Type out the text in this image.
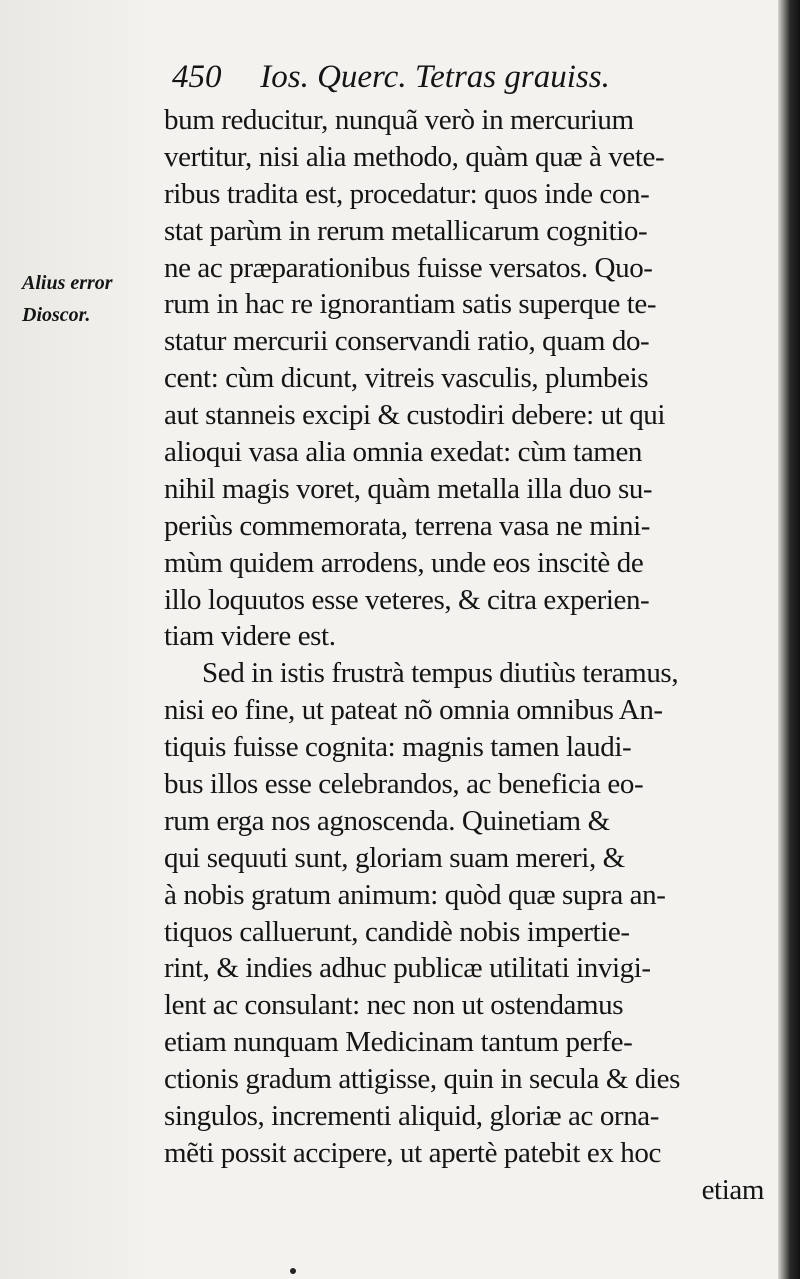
450 Ios. Querc. Tetras grauiss.
Alius error
Dioscor.
bum reducitur, nunquã verò in mercurium
vertitur, nisi alia methodo, quàm quæ à vete-
ribus tradita est, procedatur: quos inde con-
stat parùm in rerum metallicarum cognitio-
ne ac præparationibus fuisse versatos. Quo-
rum in hac re ignorantiam satis superque te-
statur mercurii conservandi ratio, quam do-
cent: cùm dicunt, vitreis vasculis, plumbeis
aut stanneis excipi & custodiri debere: ut qui
alioqui vasa alia omnia exedat: cùm tamen
nihil magis voret, quàm metalla illa duo su-
periùs commemorata, terrena vasa ne mini-
mùm quidem arrodens, unde eos inscitè de
illo loquutos esse veteres, & citra experien-
tiam videre est.
Sed in istis frustrà tempus diutiùs teramus,
nisi eo fine, ut pateat nõ omnia omnibus An-
tiquis fuisse cognita: magnis tamen laudi-
bus illos esse celebrandos, ac beneficia eo-
rum erga nos agnoscenda. Quinetiam &
qui sequuti sunt, gloriam suam mereri, &
à nobis gratum animum: quòd quæ supra an-
tiquos calluerunt, candidè nobis impertie-
rint, & indies adhuc publicæ utilitati invigi-
lent ac consulant: nec non ut ostendamus
etiam nunquam Medicinam tantum perfe-
ctionis gradum attigisse, quin in secula & dies
singulos, incrementi aliquid, gloriæ ac orna-
mẽti possit accipere, ut apertè patebit ex hoc
etiam
